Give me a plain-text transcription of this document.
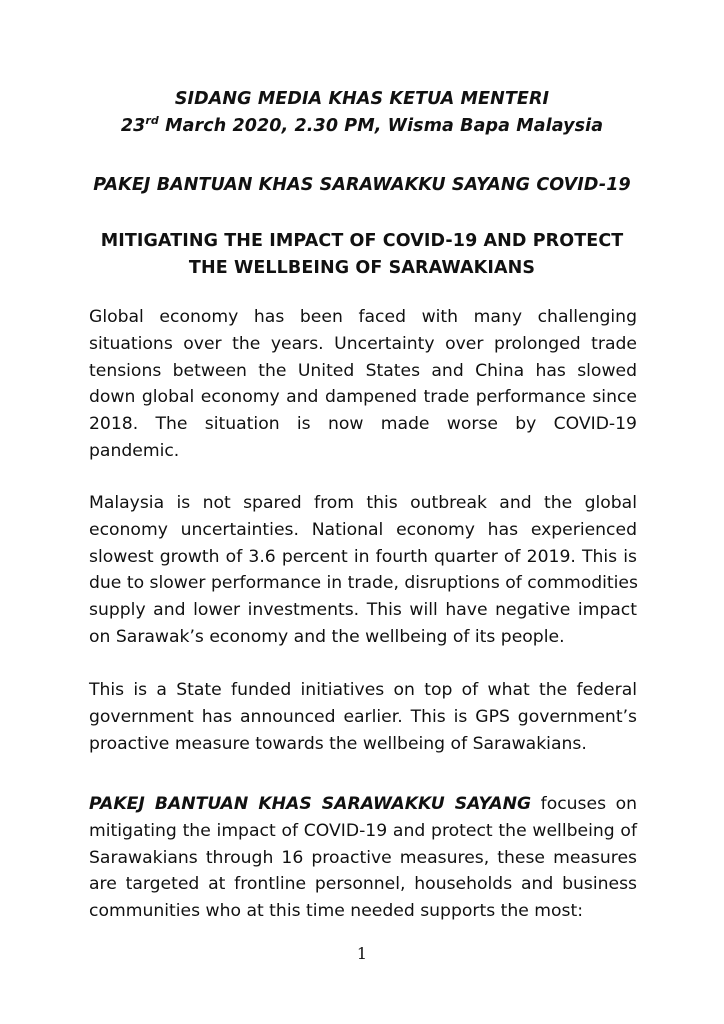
SIDANG MEDIA KHAS KETUA MENTERI
23rd March 2020, 2.30 PM, Wisma Bapa Malaysia
PAKEJ BANTUAN KHAS SARAWAKKU SAYANG COVID-19
MITIGATING THE IMPACT OF COVID-19 AND PROTECT
THE WELLBEING OF SARAWAKIANS
Global economy has been faced with many challenging
situations over the years. Uncertainty over prolonged trade
tensions between the United States and China has slowed
down global economy and dampened trade performance since
2018. The situation is now made worse by COVID-19
pandemic.
Malaysia is not spared from this outbreak and the global
economy uncertainties. National economy has experienced
slowest growth of 3.6 percent in fourth quarter of 2019. This is
due to slower performance in trade, disruptions of commodities
supply and lower investments. This will have negative impact
on Sarawak’s economy and the wellbeing of its people.
This is a State funded initiatives on top of what the federal
government has announced earlier. This is GPS government’s
proactive measure towards the wellbeing of Sarawakians.
PAKEJ BANTUAN KHAS SARAWAKKU SAYANG focuses on
mitigating the impact of COVID-19 and protect the wellbeing of
Sarawakians through 16 proactive measures, these measures
are targeted at frontline personnel, households and business
communities who at this time needed supports the most:
1
